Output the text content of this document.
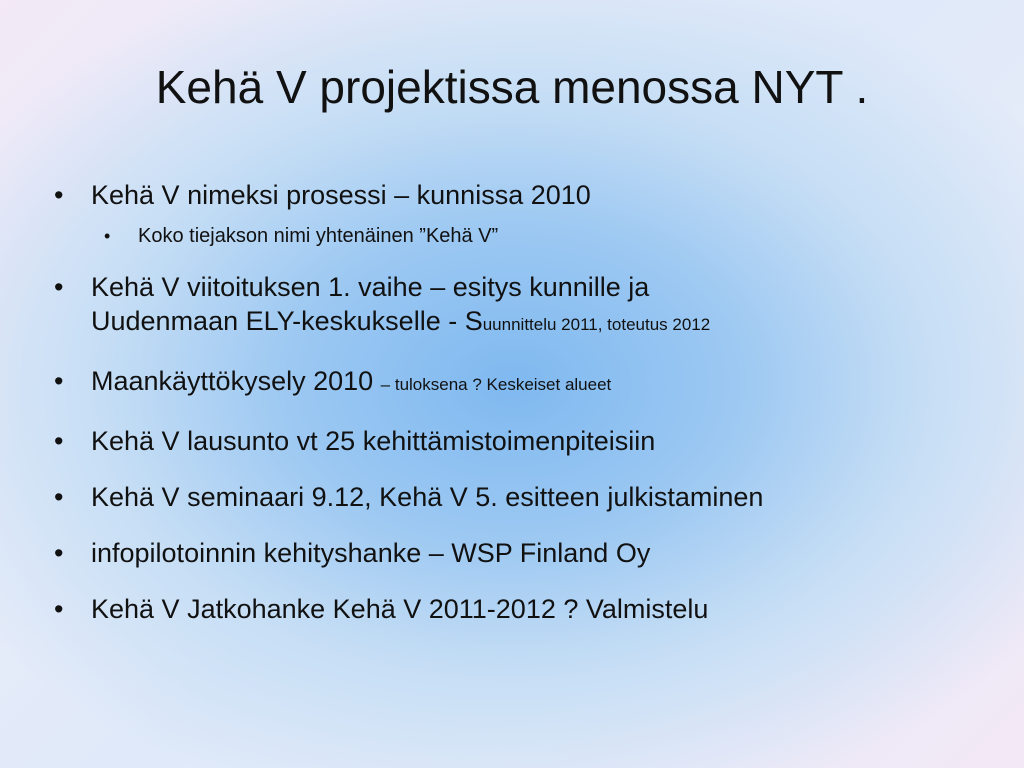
Kehä V projektissa menossa NYT .
• Kehä V nimeksi prosessi – kunnissa 2010
• Koko tiejakson nimi yhtenäinen ”Kehä V”
• Kehä V viitoituksen 1. vaihe – esitys kunnille ja
Uudenmaan ELY-keskukselle - Suunnittelu 2011, toteutus 2012
• Maankäyttökysely 2010 – tuloksena ? Keskeiset alueet
• Kehä V lausunto vt 25 kehittämistoimenpiteisiin
• Kehä V seminaari 9.12, Kehä V 5. esitteen julkistaminen
• infopilotoinnin kehityshanke – WSP Finland Oy
• Kehä V Jatkohanke Kehä V 2011-2012 ? Valmistelu
